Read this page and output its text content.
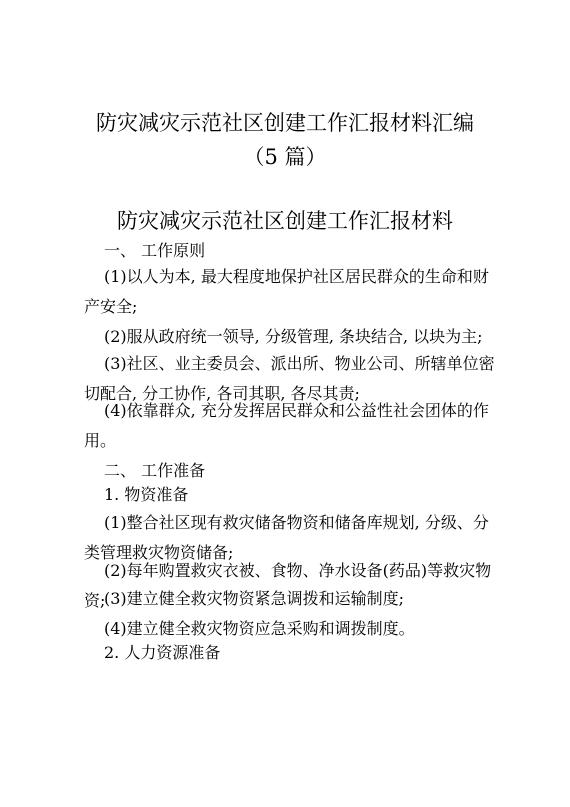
防灾减灾示范社区创建工作汇报材料汇编
（5 篇）
防灾减灾示范社区创建工作汇报材料
一、 工作原则
(1)以人为本, 最大程度地保护社区居民群众的生命和财产安全;
(2)服从政府统一领导, 分级管理, 条块结合, 以块为主;
(3)社区、业主委员会、派出所、物业公司、所辖单位密切配合, 分工协作, 各司其职, 各尽其责;
(4)依靠群众, 充分发挥居民群众和公益性社会团体的作用。
二、 工作准备
1. 物资准备
(1)整合社区现有救灾储备物资和储备库规划, 分级、分类管理救灾物资储备;
(2)每年购置救灾衣被、食物、净水设备(药品)等救灾物资;
(3)建立健全救灾物资紧急调拨和运输制度;
(4)建立健全救灾物资应急采购和调拨制度。
2. 人力资源准备
